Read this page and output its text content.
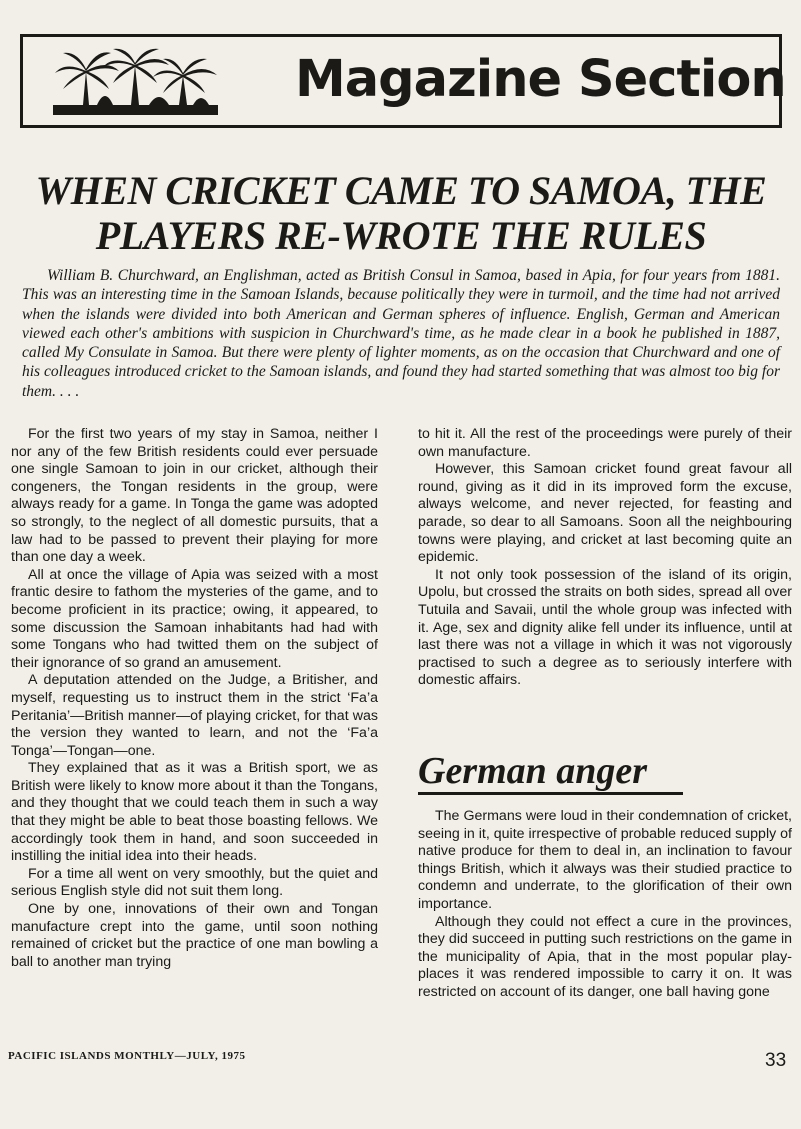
Magazine Section
WHEN CRICKET CAME TO SAMOA, THE PLAYERS RE-WROTE THE RULES

William B. Churchward, an Englishman, acted as British Consul in Samoa, based in Apia, for four years from 1881. This was an interesting time in the Samoan Islands, because politically they were in turmoil, and the time had not arrived when the islands were divided into both American and German spheres of influence. English, German and American viewed each other's ambitions with suspicion in Churchward's time, as he made clear in a book he published in 1887, called My Consulate in Samoa. But there were plenty of lighter moments, as on the occasion that Churchward and one of his colleagues introduced cricket to the Samoan islands, and found they had started something that was almost too big for them. . . .

For the first two years of my stay in Samoa, neither I nor any of the few British residents could ever persuade one single Samoan to join in our cricket, although their congeners, the Tongan residents in the group, were always ready for a game. In Tonga the game was adopted so strongly, to the neglect of all domestic pursuits, that a law had to be passed to prevent their playing for more than one day a week.

All at once the village of Apia was seized with a most frantic desire to fathom the mysteries of the game, and to become proficient in its practice; owing, it appeared, to some discussion the Samoan inhabitants had had with some Tongans who had twitted them on the subject of their ignorance of so grand an amusement.

A deputation attended on the Judge, a Britisher, and myself, requesting us to instruct them in the strict ‘Fa’a Peritania’—British manner—of playing cricket, for that was the version they wanted to learn, and not the ‘Fa’a Tonga’—Tongan—one.

They explained that as it was a British sport, we as British were likely to know more about it than the Tongans, and they thought that we could teach them in such a way that they might be able to beat those boasting fellows. We accordingly took them in hand, and soon succeeded in instilling the initial idea into their heads.

For a time all went on very smoothly, but the quiet and serious English style did not suit them long.

One by one, innovations of their own and Tongan manufacture crept into the game, until soon nothing remained of cricket but the practice of one man bowling a ball to another man trying

to hit it. All the rest of the proceedings were purely of their own manufacture.

However, this Samoan cricket found great favour all round, giving as it did in its improved form the excuse, always welcome, and never rejected, for feasting and parade, so dear to all Samoans. Soon all the neighbouring towns were playing, and cricket at last becoming quite an epidemic.

It not only took possession of the island of its origin, Upolu, but crossed the straits on both sides, spread all over Tutuila and Savaii, until the whole group was infected with it. Age, sex and dignity alike fell under its influence, until at last there was not a village in which it was not vigorously practised to such a degree as to seriously interfere with domestic affairs.

German anger

The Germans were loud in their condemnation of cricket, seeing in it, quite irrespective of probable reduced supply of native produce for them to deal in, an inclination to favour things British, which it always was their studied practice to condemn and underrate, to the glorification of their own importance.

Although they could not effect a cure in the provinces, they did succeed in putting such restrictions on the game in the municipality of Apia, that in the most popular play-places it was rendered impossible to carry it on. It was restricted on account of its danger, one ball having gone

PACIFIC ISLANDS MONTHLY—JULY, 1975	33
